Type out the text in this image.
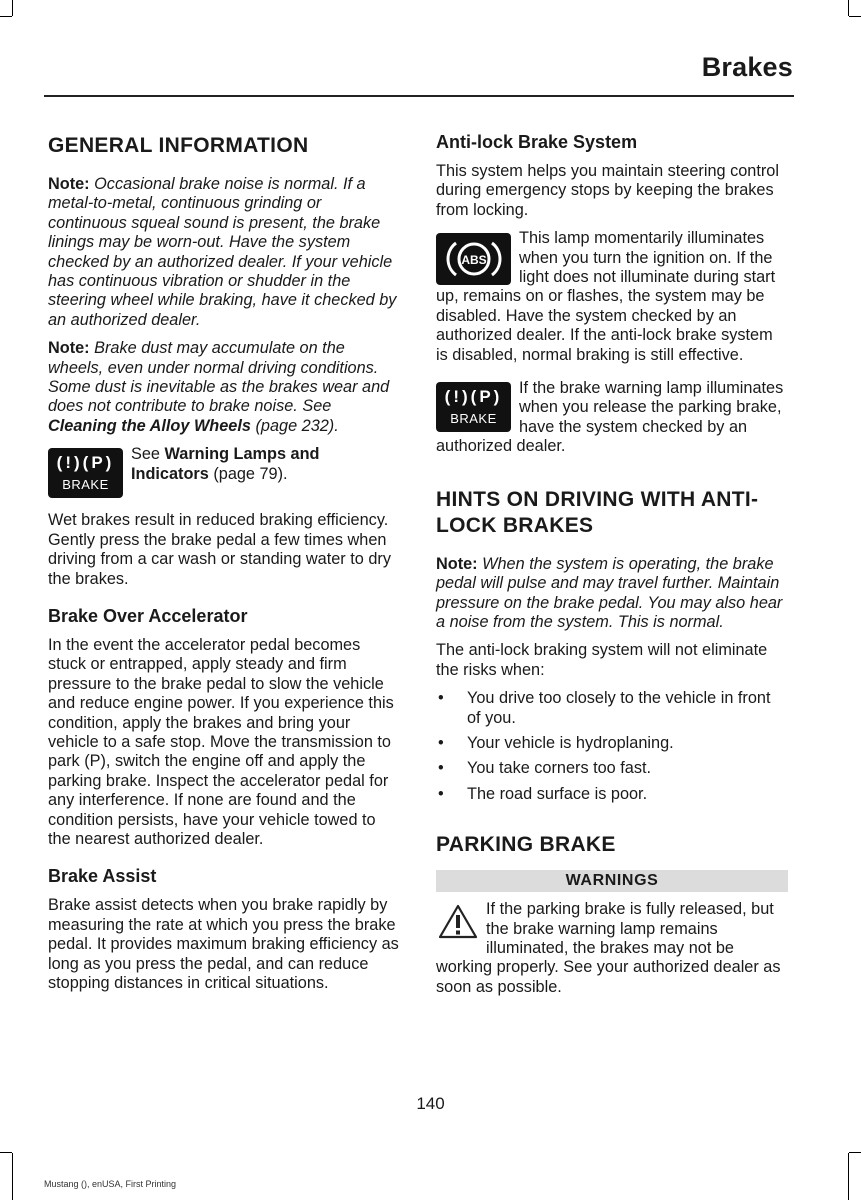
Brakes
GENERAL INFORMATION

Note: Occasional brake noise is normal. If a metal-to-metal, continuous grinding or continuous squeal sound is present, the brake linings may be worn-out. Have the system checked by an authorized dealer. If your vehicle has continuous vibration or shudder in the steering wheel while braking, have it checked by an authorized dealer.

Note: Brake dust may accumulate on the wheels, even under normal driving conditions. Some dust is inevitable as the brakes wear and does not contribute to brake noise. See Cleaning the Alloy Wheels (page 232).

(!)(P)
BRAKE
See Warning Lamps and Indicators (page 79).

Wet brakes result in reduced braking efficiency. Gently press the brake pedal a few times when driving from a car wash or standing water to dry the brakes.

Brake Over Accelerator

In the event the accelerator pedal becomes stuck or entrapped, apply steady and firm pressure to the brake pedal to slow the vehicle and reduce engine power. If you experience this condition, apply the brakes and bring your vehicle to a safe stop. Move the transmission to park (P), switch the engine off and apply the parking brake. Inspect the accelerator pedal for any interference. If none are found and the condition persists, have your vehicle towed to the nearest authorized dealer.

Brake Assist

Brake assist detects when you brake rapidly by measuring the rate at which you press the brake pedal. It provides maximum braking efficiency as long as you press the pedal, and can reduce stopping distances in critical situations.

Anti-lock Brake System

This system helps you maintain steering control during emergency stops by keeping the brakes from locking.

ABS
This lamp momentarily illuminates when you turn the ignition on. If the light does not illuminate during start up, remains on or flashes, the system may be disabled. Have the system checked by an authorized dealer. If the anti-lock brake system is disabled, normal braking is still effective.
(!)(P)
BRAKE
If the brake warning lamp illuminates when you release the parking brake, have the system checked by an authorized dealer.
HINTS ON DRIVING WITH ANTI-LOCK BRAKES

Note: When the system is operating, the brake pedal will pulse and may travel further. Maintain pressure on the brake pedal. You may also hear a noise from the system. This is normal.

The anti-lock braking system will not eliminate the risks when:

• You drive too closely to the vehicle in front of you.
• Your vehicle is hydroplaning.
• You take corners too fast.
• The road surface is poor.
PARKING BRAKE
WARNINGS
If the parking brake is fully released, but the brake warning lamp remains illuminated, the brakes may not be working properly. See your authorized dealer as soon as possible.
140
Mustang (), enUSA, First Printing
